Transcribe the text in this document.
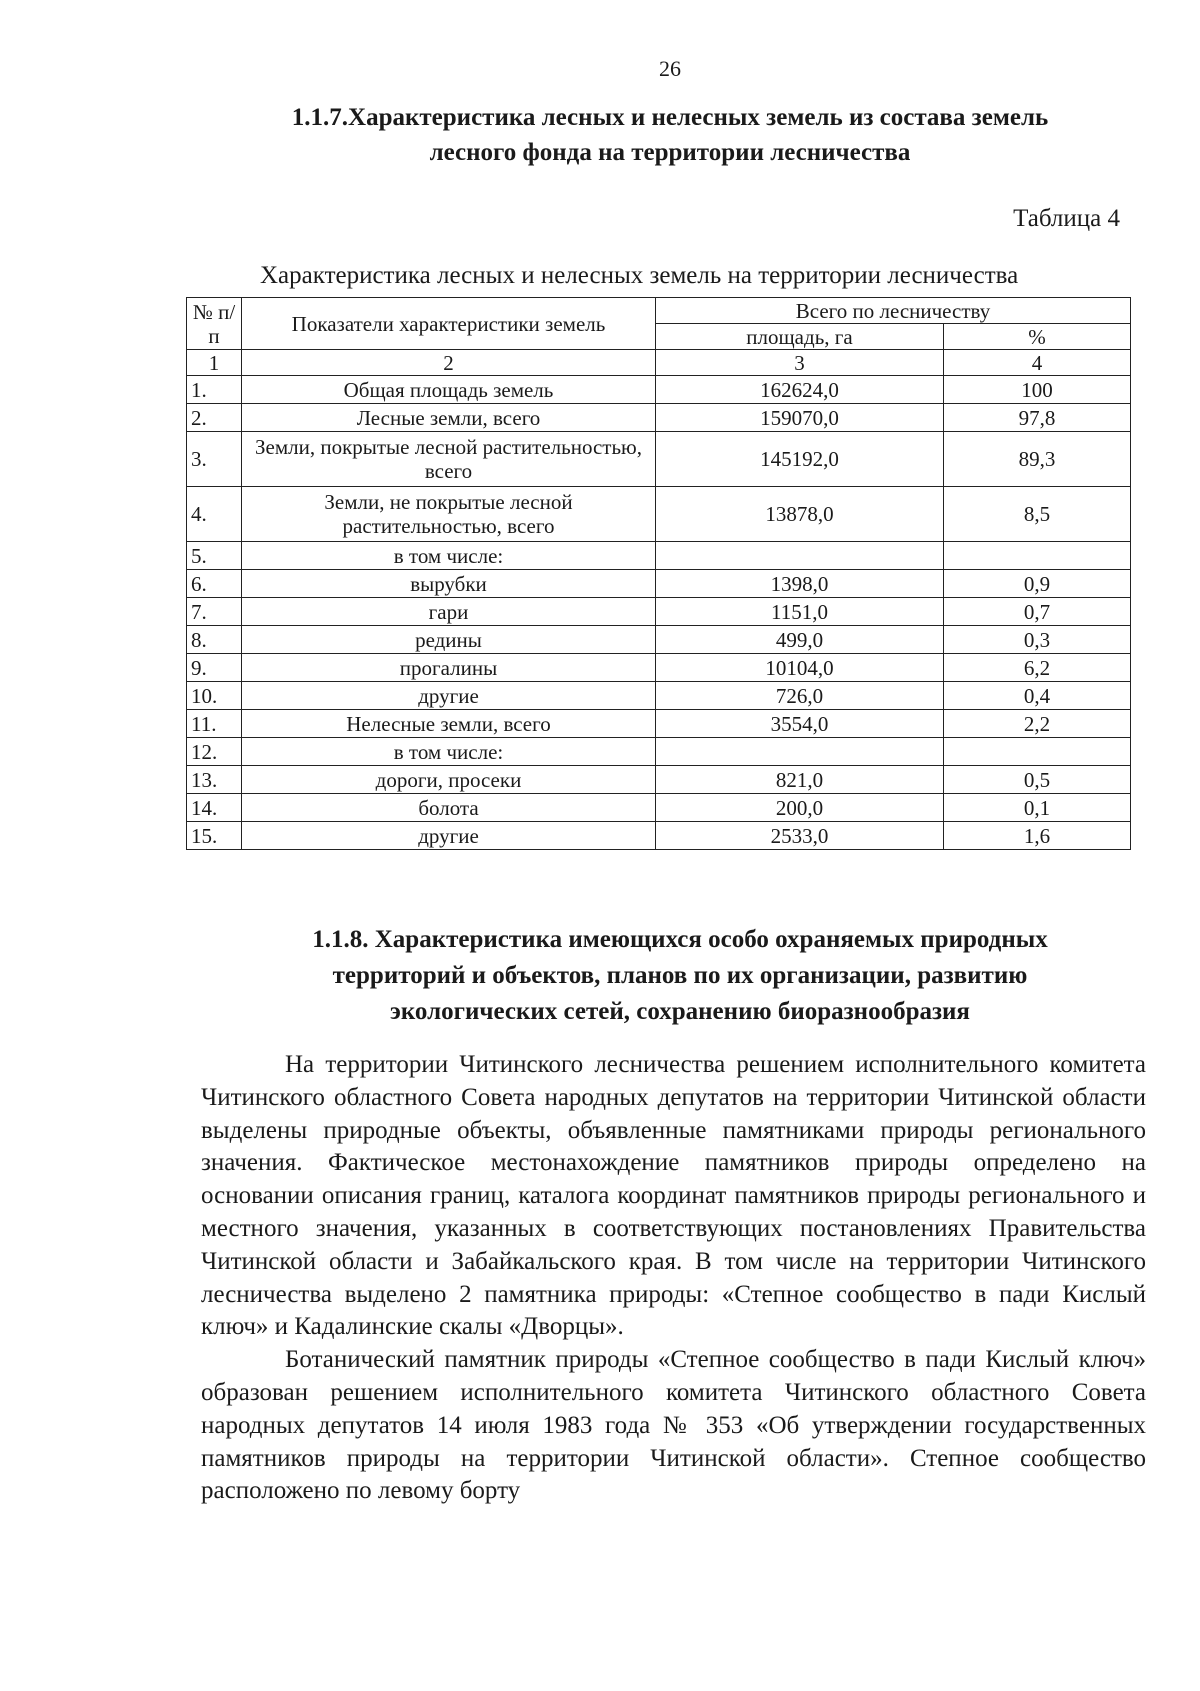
26
1.1.7.Характеристика лесных и нелесных земель из состава земель
лесного фонда на территории лесничества
Таблица 4
Характеристика лесных и нелесных земель на территории лесничества
№ п/п	Показатели характеристики земель	Всего по лесничеству	
		площадь, га	%
1	2	3	4
1.	Общая площадь земель	162624,0	100
2.	Лесные земли, всего	159070,0	97,8
3.	Земли, покрытые лесной растительностью, всего	145192,0	89,3
4.	Земли, не покрытые лесной растительностью, всего	13878,0	8,5
5.	в том числе:		
6.	вырубки	1398,0	0,9
7.	гари	1151,0	0,7
8.	редины	499,0	0,3
9.	прогалины	10104,0	6,2
10.	другие	726,0	0,4
11.	Нелесные земли, всего	3554,0	2,2
12.	в том числе:		
13.	дороги, просеки	821,0	0,5
14.	болота	200,0	0,1
15.	другие	2533,0	1,6
1.1.8. Характеристика имеющихся особо охраняемых природных
территорий и объектов, планов по их организации, развитию
экологических сетей, сохранению биоразнообразия

На территории Читинского лесничества решением исполнительного комитета Читинского областного Совета народных депутатов на территории Читинской области выделены природные объекты, объявленные памятниками природы регионального значения. Фактическое местонахождение памятников природы определено на основании описания границ, каталога координат памятников природы регионального и местного значения, указанных в соответствующих постановлениях Правительства Читинской области и Забайкальского края. В том числе на территории Читинского лесничества выделено 2 памятника природы: «Степное сообщество в пади Кислый ключ» и Кадалинские скалы «Дворцы».

Ботанический памятник природы «Степное сообщество в пади Кислый ключ» образован решением исполнительного комитета Читинского областного Совета народных депутатов 14 июля 1983 года № 353 «Об утверждении государственных памятников природы на территории Читинской области». Степное сообщество расположено по левому борту
